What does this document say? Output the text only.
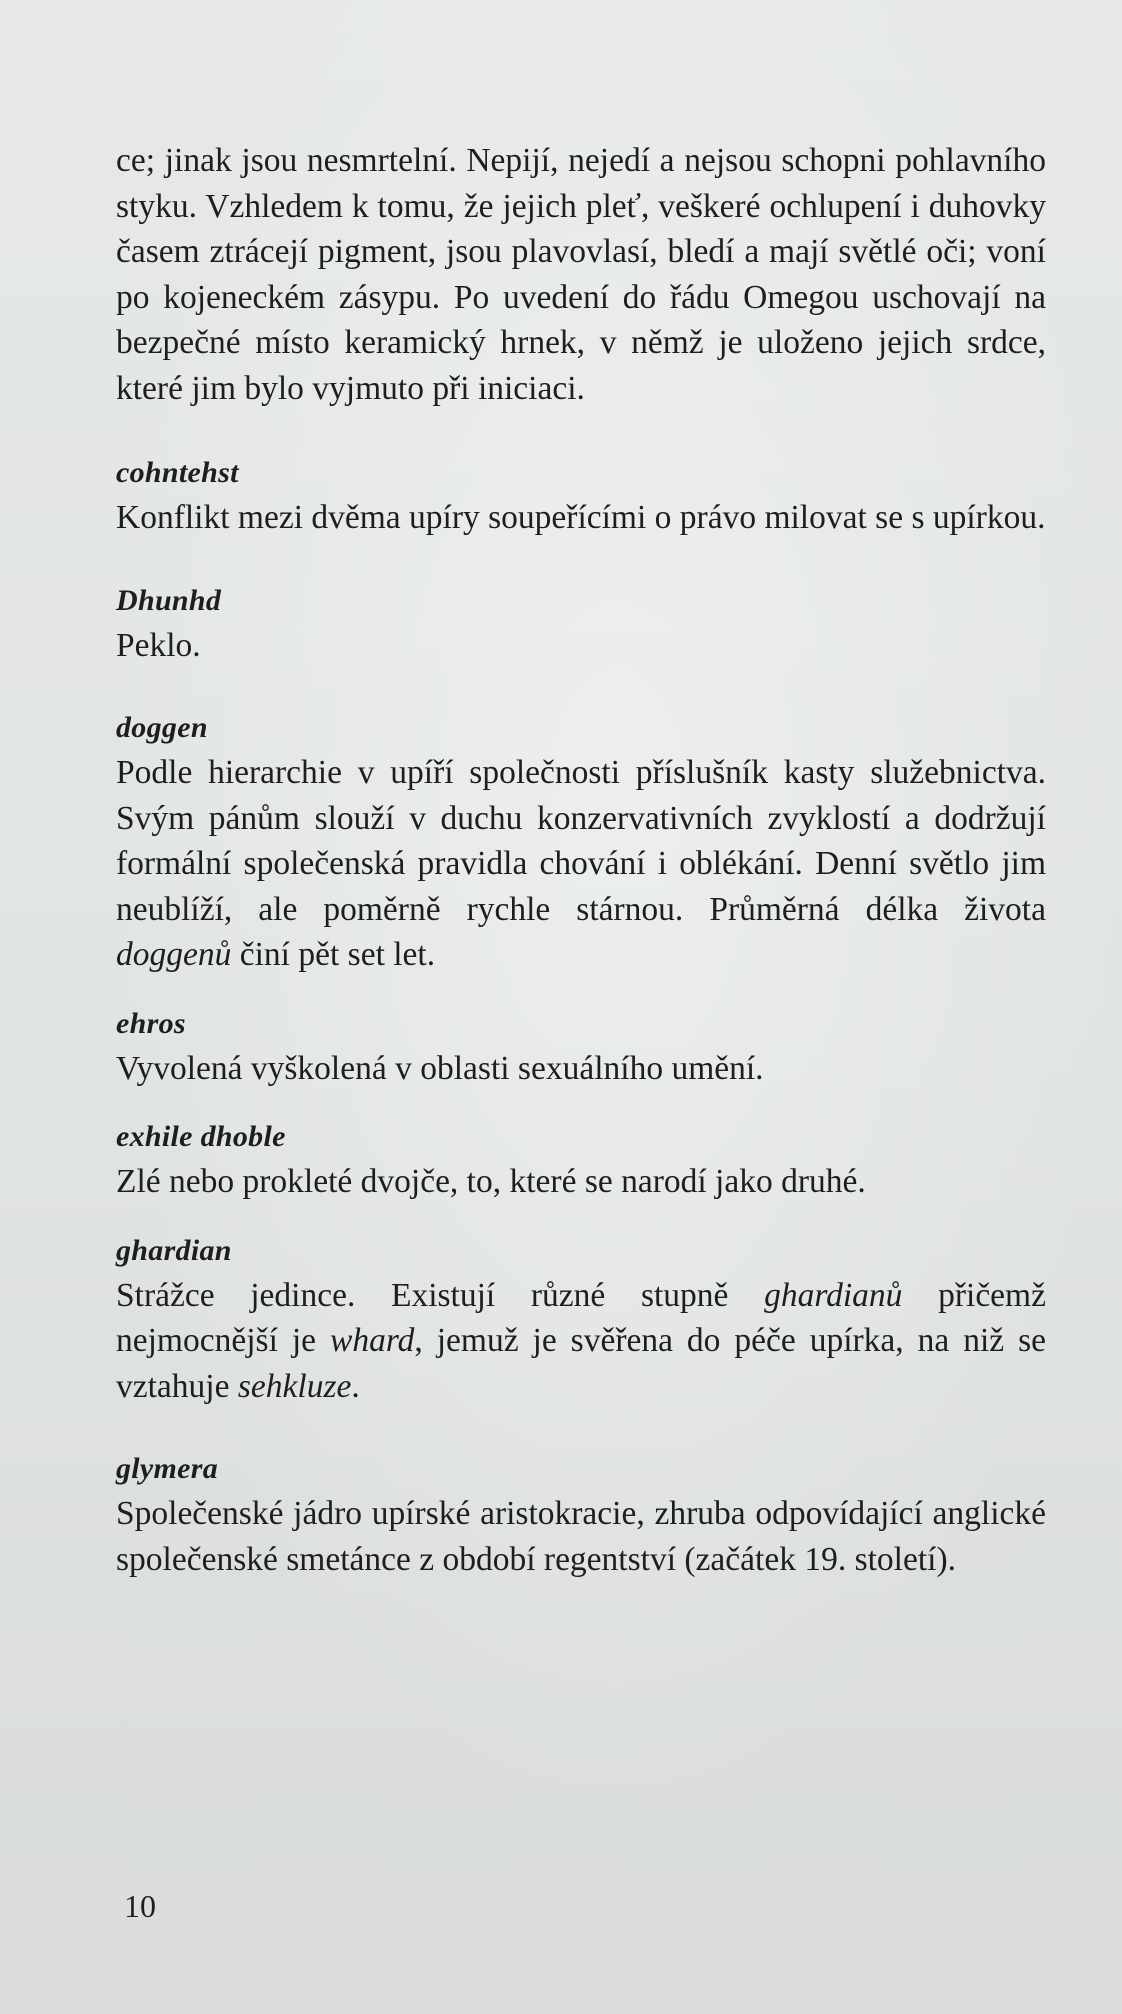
ce; jinak jsou nesmrtelní. Nepijí, nejedí a nejsou schopni pohlavního styku. Vzhledem k tomu, že jejich pleť, veškeré ochlupení i duhovky časem ztrácejí pigment, jsou plavovlasí, bledí a mají světlé oči; voní po kojeneckém zásypu. Po uvedení do řádu Omegou uschovají na bezpečné místo keramický hrnek, v němž je uloženo jejich srdce, které jim bylo vyjmuto při iniciaci.

cohntehst

Konflikt mezi dvěma upíry soupeřícími o právo milovat se s upírkou.

Dhunhd

Peklo.

doggen

Podle hierarchie v upíří společnosti příslušník kasty služebnictva. Svým pánům slouží v duchu konzervativních zvyklostí a dodržují formální společenská pravidla chování i oblékání. Denní světlo jim neublíží, ale poměrně rychle stárnou. Průměrná délka života doggenů činí pět set let.

ehros

Vyvolená vyškolená v oblasti sexuálního umění.

exhile dhoble

Zlé nebo prokleté dvojče, to, které se narodí jako druhé.

ghardian

Strážce jedince. Existují různé stupně ghardianů přičemž nejmocnější je whard, jemuž je svěřena do péče upírka, na niž se vztahuje sehkluze.

glymera

Společenské jádro upírské aristokracie, zhruba odpovídající anglické společenské smetánce z období regentství (začátek 19. století).

10
